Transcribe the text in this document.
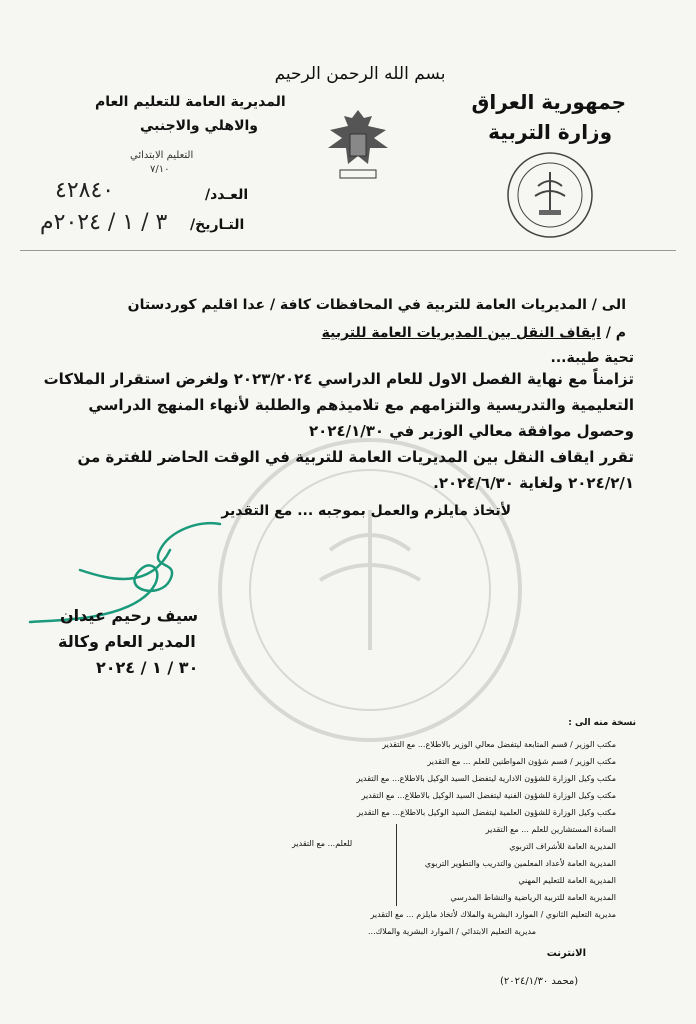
بسم الله الرحمن الرحيم
جمهورية العراق
وزارة التربية
المديرية العامة للتعليم العام
والاهلي والاجنبي
التعليم الابتدائي
٧/١٠
العـدد/
٤٢٨٤٠
التـاريخ/
٣ / ١ / ٢٠٢٤م
الى / المديريات العامة للتربية في المحافظات كافة / عدا اقليم كوردستان
م / ايقاف النقل بين المديريات العامة للتربية
تحية طيبة...
تزامناً مع نهاية الفصل الاول للعام الدراسي ٢٠٢٣/٢٠٢٤ ولغرض استقرار الملاكات
التعليمية والتدريسية والتزامهم مع تلاميذهم والطلبة لأنهاء المنهج الدراسي
وحصول موافقة معالي الوزير في ٢٠٢٤/١/٣٠
تقرر ايقاف النقل بين المديريات العامة للتربية في الوقت الحاضر للفترة من
٢٠٢٤/٢/١ ولغاية ٢٠٢٤/٦/٣٠.
لأتخاذ مايلزم والعمل بموجبه ... مع التقدير
سيف رحيم عيدان
المدير العام وكالة
٣٠ / ١ / ٢٠٢٤
نسخة منه الى :
مكتب الوزير / قسم المتابعة ليتفضل معالي الوزير بالاطلاع... مع التقدير
مكتب الوزير / قسم شؤون المواطنين للعلم ... مع التقدير
مكتب وكيل الوزارة للشؤون الادارية ليتفضل السيد الوكيل بالاطلاع... مع التقدير
مكتب وكيل الوزارة للشؤون الفنية ليتفضل السيد الوكيل بالاطلاع... مع التقدير
مكتب وكيل الوزارة للشؤون العلمية ليتفضل السيد الوكيل بالاطلاع... مع التقدير
السادة المستشارين للعلم ... مع التقدير
المديرية العامة للأشراف التربوي
المديرية العامة لأعداد المعلمين والتدريب والتطوير التربوي
المديرية العامة للتعليم المهني
المديرية العامة للتربية الرياضية والنشاط المدرسي
مديرية التعليم الثانوي / الموارد البشرية والملاك لأتخاذ مايلزم ... مع التقدير
مديرية التعليم الابتدائي / الموارد البشرية والملاك...
للعلم... مع التقدير
الانترنت
(محمد ٢٠٢٤/١/٣٠)
